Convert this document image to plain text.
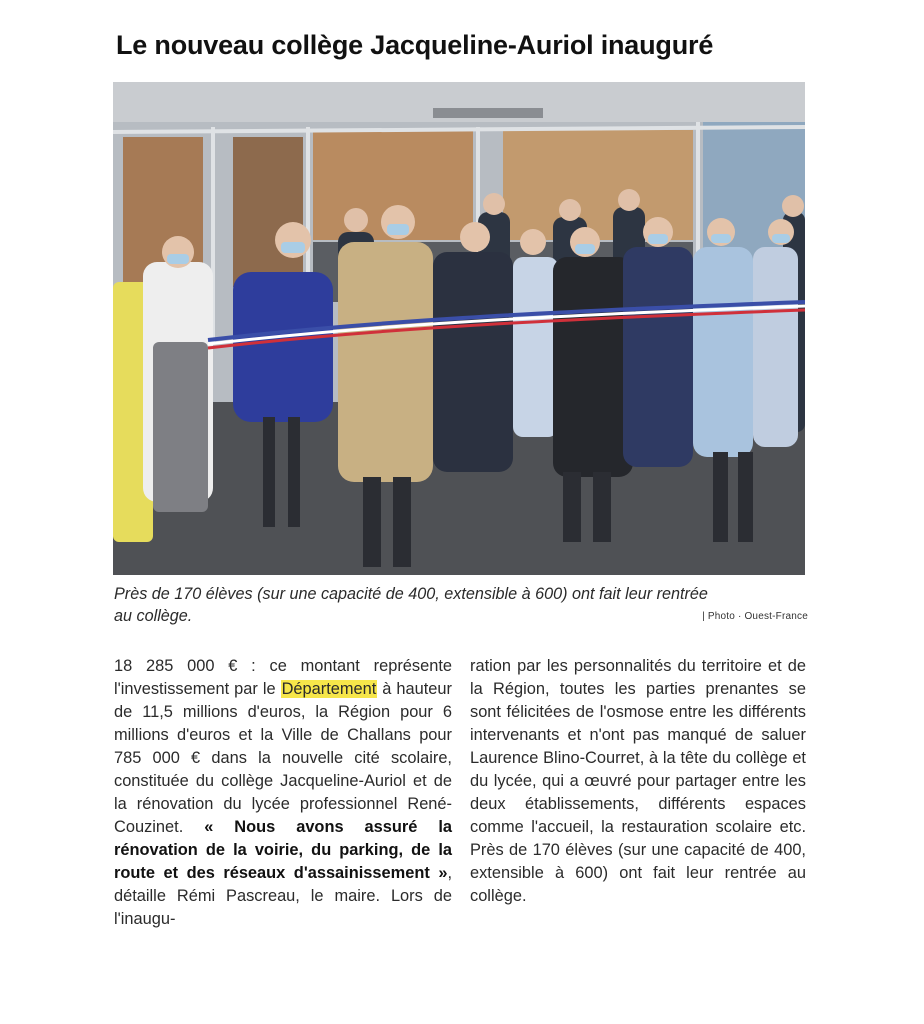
Le nouveau collège Jacqueline-Auriol inauguré

Près de 170 élèves (sur une capacité de 400, extensible à 600) ont fait leur rentrée au collège.	| Photo · Ouest-France

18 285 000 € : ce montant représente l'investissement par le Département à hauteur de 11,5 millions d'euros, la Région pour 6 millions d'euros et la Ville de Challans pour 785 000 € dans la nouvelle cité scolaire, constituée du collège Jacqueline-Auriol et de la rénovation du lycée professionnel René-Couzinet. « Nous avons assuré la rénovation de la voirie, du parking, de la route et des réseaux d'assainissement », détaille Rémi Pascreau, le maire. Lors de l'inaugu-

ration par les personnalités du territoire et de la Région, toutes les parties prenantes se sont félicitées de l'osmose entre les différents intervenants et n'ont pas manqué de saluer Laurence Blino-Courret, à la tête du collège et du lycée, qui a œuvré pour partager entre les deux établissements, différents espaces comme l'accueil, la restauration scolaire etc. Près de 170 élèves (sur une capacité de 400, extensible à 600) ont fait leur rentrée au collège.
